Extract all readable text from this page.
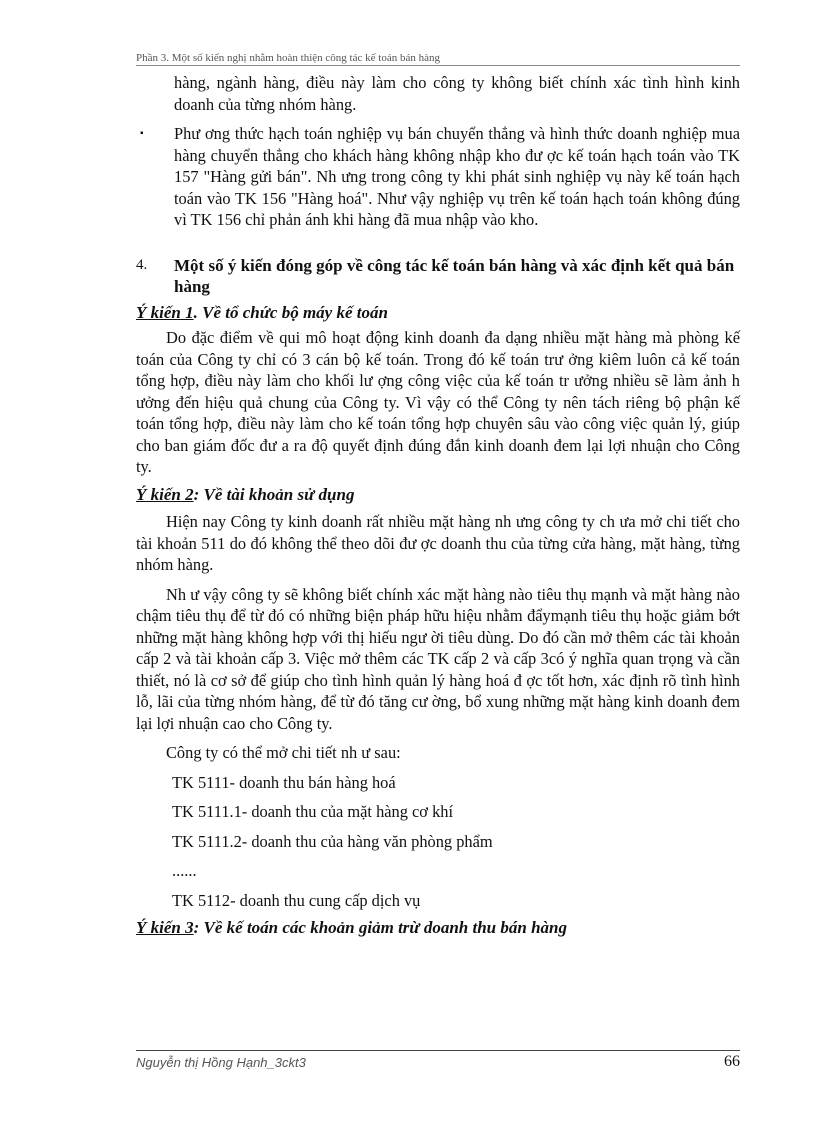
Phần 3. Một số kiến nghị nhằm hoàn thiện công tác kế toán bán hàng

hàng, ngành hàng, điều này làm cho công ty không biết chính xác tình hình kinh doanh của từng nhóm hàng.

▪	Phư ơng thức hạch toán nghiệp vụ bán chuyển thẳng và hình thức doanh nghiệp mua hàng chuyển thẳng cho khách hàng không nhập kho đư ợc kế toán hạch toán vào TK 157 "Hàng gửi bán". Nh ưng trong công ty khi phát sinh nghiệp vụ này kế toán hạch toán vào TK 156 "Hàng hoá". Như vậy nghiệp vụ trên kế toán hạch toán không đúng vì TK 156 chỉ phản ánh khi hàng đã mua nhập vào kho.
4.	Một số ý kiến đóng góp về công tác kế toán bán hàng và xác định kết quả bán hàng
Ý kiến 1. Về tổ chức bộ máy kế toán

Do đặc điểm về qui mô hoạt động kinh doanh đa dạng nhiều mặt hàng mà phòng kế toán của Công ty chỉ có 3 cán bộ kế toán. Trong đó kế toán trư ởng kiêm luôn cả kế toán tổng hợp, điều này làm cho khối lư ợng công việc của kế toán tr ưởng nhiều sẽ làm ảnh h ưởng đến hiệu quả chung của Công ty. Vì vậy có thể Công ty nên tách riêng bộ phận kế toán tổng hợp, điều này làm cho kế toán tổng hợp chuyên sâu vào công việc quản lý, giúp cho ban giám đốc đư a ra độ quyết định đúng đắn kinh doanh đem lại lợi nhuận cho Công ty.

Ý kiến 2: Về tài khoản sử dụng

Hiện nay Công ty kinh doanh rất nhiều mặt hàng nh ưng công ty ch ưa mở chi tiết cho tài khoản 511 do đó không thể theo dõi đư ợc doanh thu của từng cửa hàng, mặt hàng, từng nhóm hàng.

Nh ư vậy công ty sẽ không biết chính xác mặt hàng nào tiêu thụ mạnh và mặt hàng nào chậm tiêu thụ để từ đó có những biện pháp hữu hiệu nhằm đẩymạnh tiêu thụ hoặc giảm bớt những mặt hàng không hợp với thị hiếu ngư ời tiêu dùng. Do đó cần mở thêm các tài khoản cấp 2 và tài khoản cấp 3. Việc mở thêm các TK cấp 2 và cấp 3có ý nghĩa quan trọng và cần thiết, nó là cơ sở để giúp cho tình hình quản lý hàng hoá đ ợc tốt hơn, xác định rõ tình hình lỗ, lãi của từng nhóm hàng, để từ đó tăng cư ờng, bổ xung những mặt hàng kinh doanh đem lại lợi nhuận cao cho Công ty.

Công ty có thể mở chi tiết nh ư sau:

TK 5111- doanh thu bán hàng hoá
TK 5111.1- doanh thu của mặt hàng cơ khí
TK 5111.2- doanh thu của hàng văn phòng phẩm
......
TK 5112- doanh thu cung cấp dịch vụ
Ý kiến 3: Về kế toán các khoản giảm trừ doanh thu bán hàng
Nguyễn thị Hồng Hạnh_3ckt3	66
